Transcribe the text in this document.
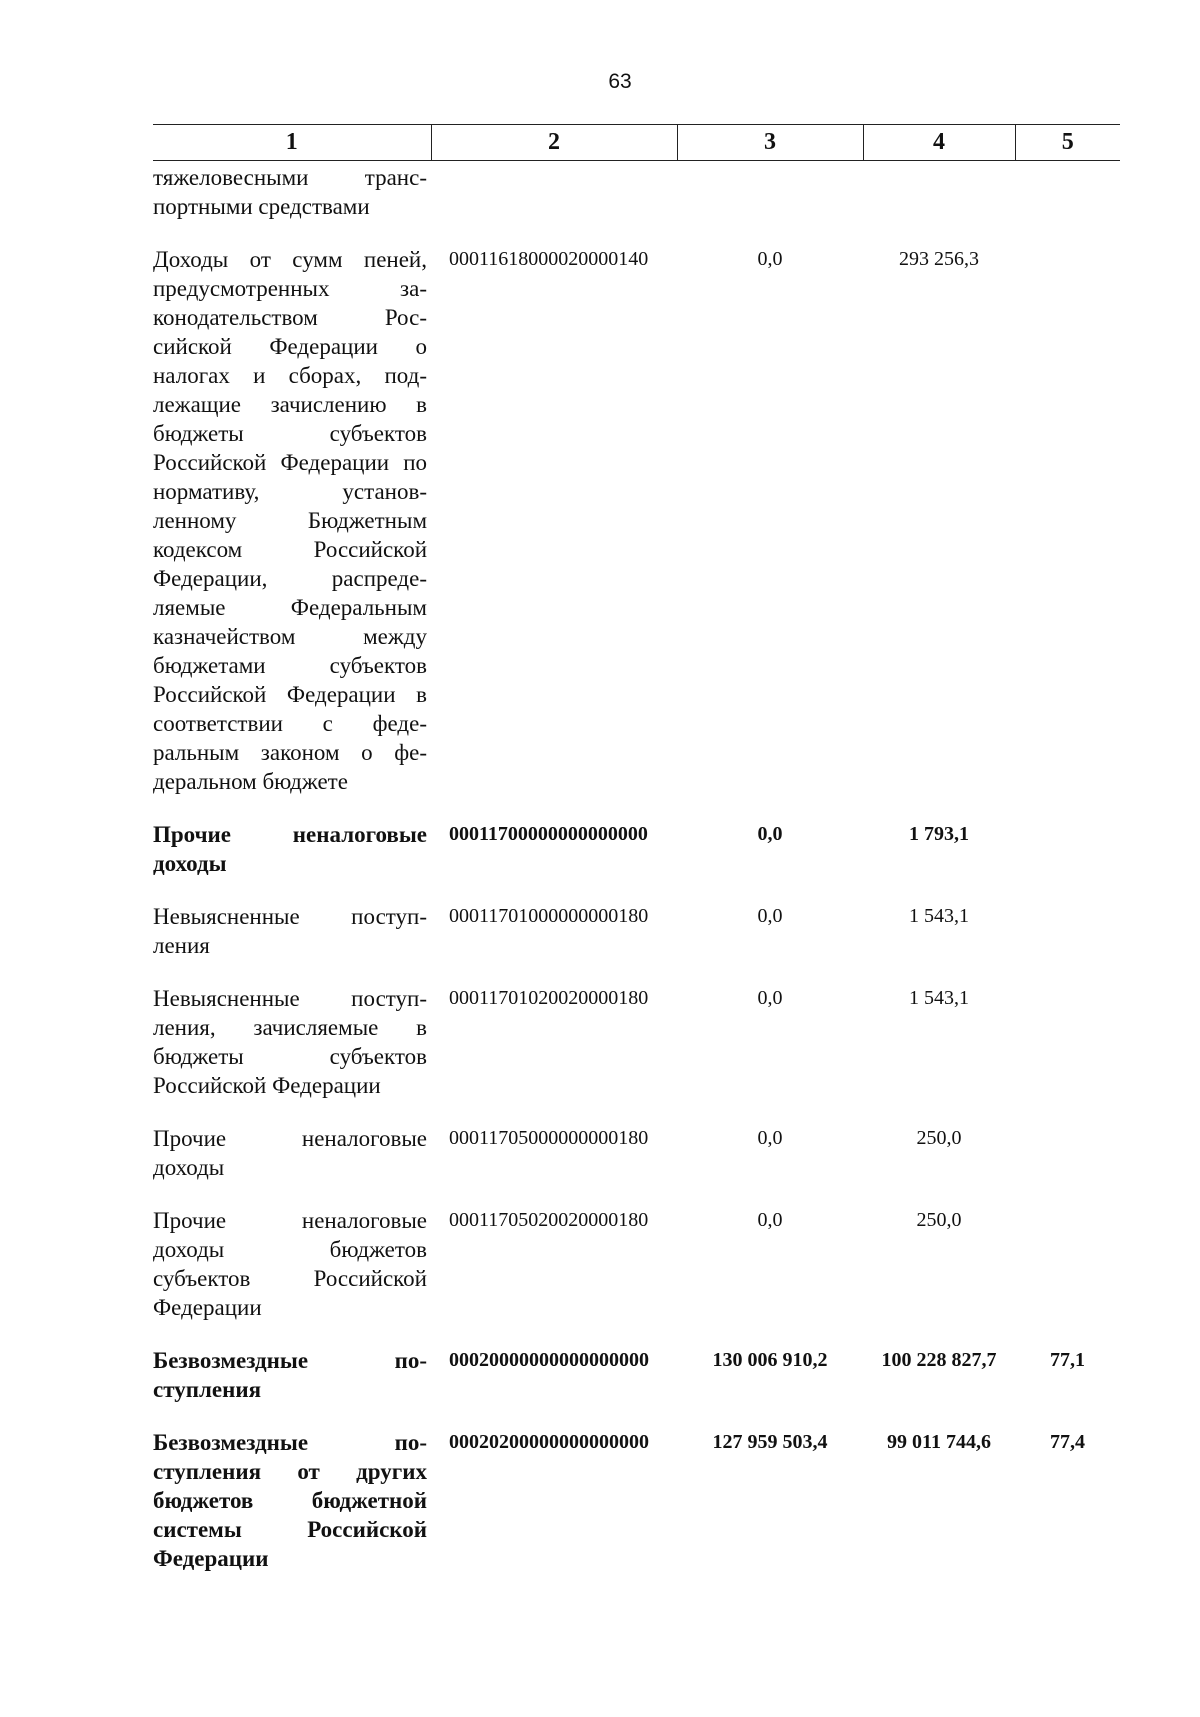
63
1	2	3	4	5
тяжеловесными транс-портными средствами				
Доходы от сумм пеней, предусмотренных за-конодательством Рос-сийской Федерации о налогах и сборах, под-лежащие зачислению в бюджеты субъектов Российской Федерации по нормативу, установ-ленному Бюджетным кодексом Российской Федерации, распреде-ляемые Федеральным казначейством между бюджетами субъектов Российской Федерации в соответствии с феде-ральным законом о фе-деральном бюджете	00011618000020000140	0,0	293 256,3	
Прочие неналоговые доходы	00011700000000000000	0,0	1 793,1	
Невыясненные поступ-ления	00011701000000000180	0,0	1 543,1	
Невыясненные поступ-ления, зачисляемые в бюджеты субъектов Российской Федерации	00011701020020000180	0,0	1 543,1	
Прочие неналоговые доходы	00011705000000000180	0,0	250,0	
Прочие неналоговые доходы бюджетов субъектов Российской Федерации	00011705020020000180	0,0	250,0	
Безвозмездные по-ступления	00020000000000000000	130 006 910,2	100 228 827,7	77,1
Безвозмездные по-ступления от других бюджетов бюджетной системы Российской Федерации	00020200000000000000	127 959 503,4	99 011 744,6	77,4
